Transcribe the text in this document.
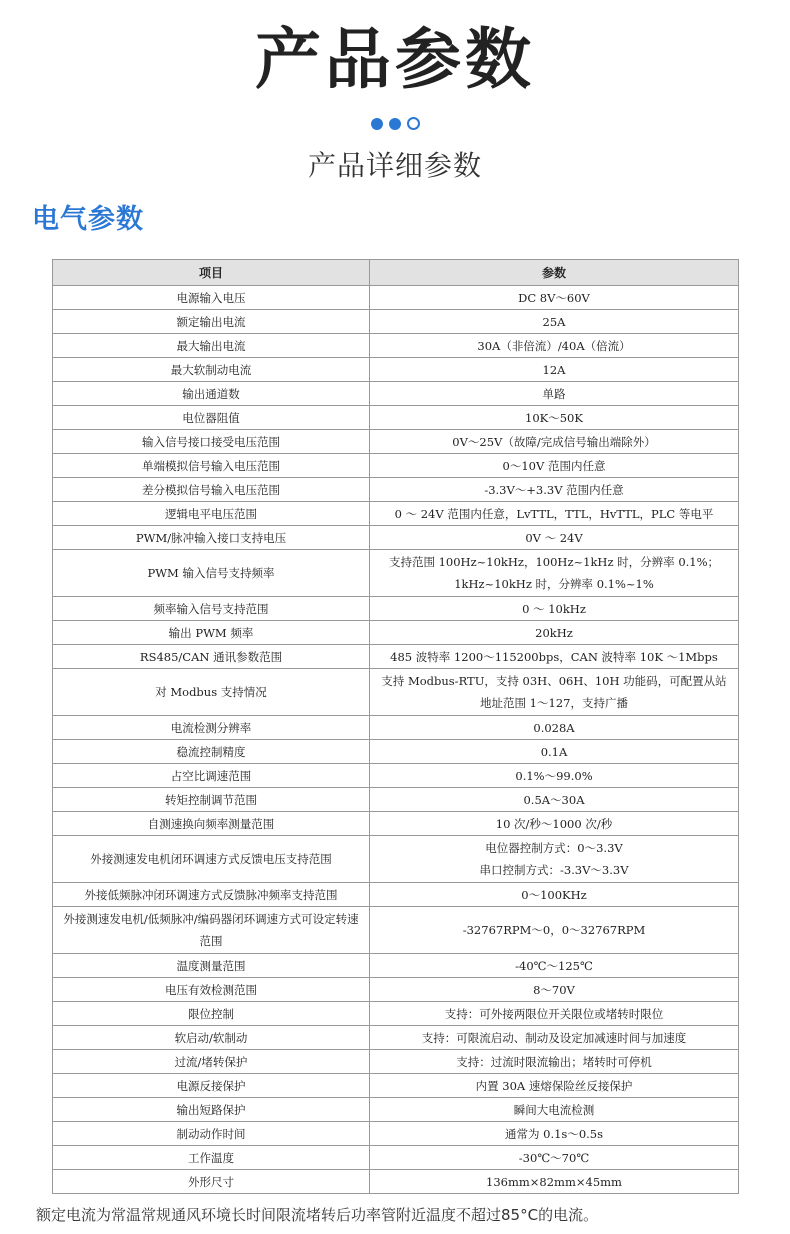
产品参数
产品详细参数
电气参数
项目	参数
电源输入电压	DC 8V～60V

额定输出电流	25A

最大输出电流	30A（非倍流）/40A（倍流）

最大软制动电流	12A

输出通道数	单路

电位器阻值	10K～50K

输入信号接口接受电压范围	0V～25V（故障/完成信号输出端除外）

单端模拟信号输入电压范围	0～10V 范围内任意

差分模拟信号输入电压范围	-3.3V～+3.3V 范围内任意

逻辑电平电压范围	0 ～ 24V 范围内任意，LvTTL，TTL，HvTTL，PLC 等电平

PWM/脉冲输入接口支持电压	0V ～ 24V

PWM 输入信号支持频率	支持范围 100Hz~10kHz，100Hz~1kHz 时，分辨率 0.1%；
1kHz~10kHz 时，分辨率 0.1%~1%

频率输入信号支持范围	0 ～ 10kHz

输出 PWM 频率	20kHz

RS485/CAN 通讯参数范围	485 波特率 1200～115200bps，CAN 波特率 10K ～1Mbps

对 Modbus 支持情况	支持 Modbus-RTU，支持 03H、06H、10H 功能码，可配置从站
地址范围 1～127，支持广播

电流检测分辨率	0.028A

稳流控制精度	0.1A

占空比调速范围	0.1%～99.0%

转矩控制调节范围	0.5A～30A

自测速换向频率测量范围	10 次/秒～1000 次/秒

外接测速发电机闭环调速方式反馈电压支持范围	电位器控制方式：0～3.3V
串口控制方式：-3.3V～3.3V

外接低频脉冲闭环调速方式反馈脉冲频率支持范围	0～100KHz

外接测速发电机/低频脉冲/编码器闭环调速方式可设定转速范围	-32767RPM～0，0～32767RPM

温度测量范围	-40℃～125℃

电压有效检测范围	8～70V

限位控制	支持：可外接两限位开关限位或堵转时限位

软启动/软制动	支持：可限流启动、制动及设定加减速时间与加速度

过流/堵转保护	支持：过流时限流输出；堵转时可停机

电源反接保护	内置 30A 速熔保险丝反接保护

输出短路保护	瞬间大电流检测

制动动作时间	通常为 0.1s～0.5s

工作温度	-30℃～70℃

外形尺寸	136mm×82mm×45mm
额定电流为常温常规通风环境长时间限流堵转后功率管附近温度不超过85°C的电流。
